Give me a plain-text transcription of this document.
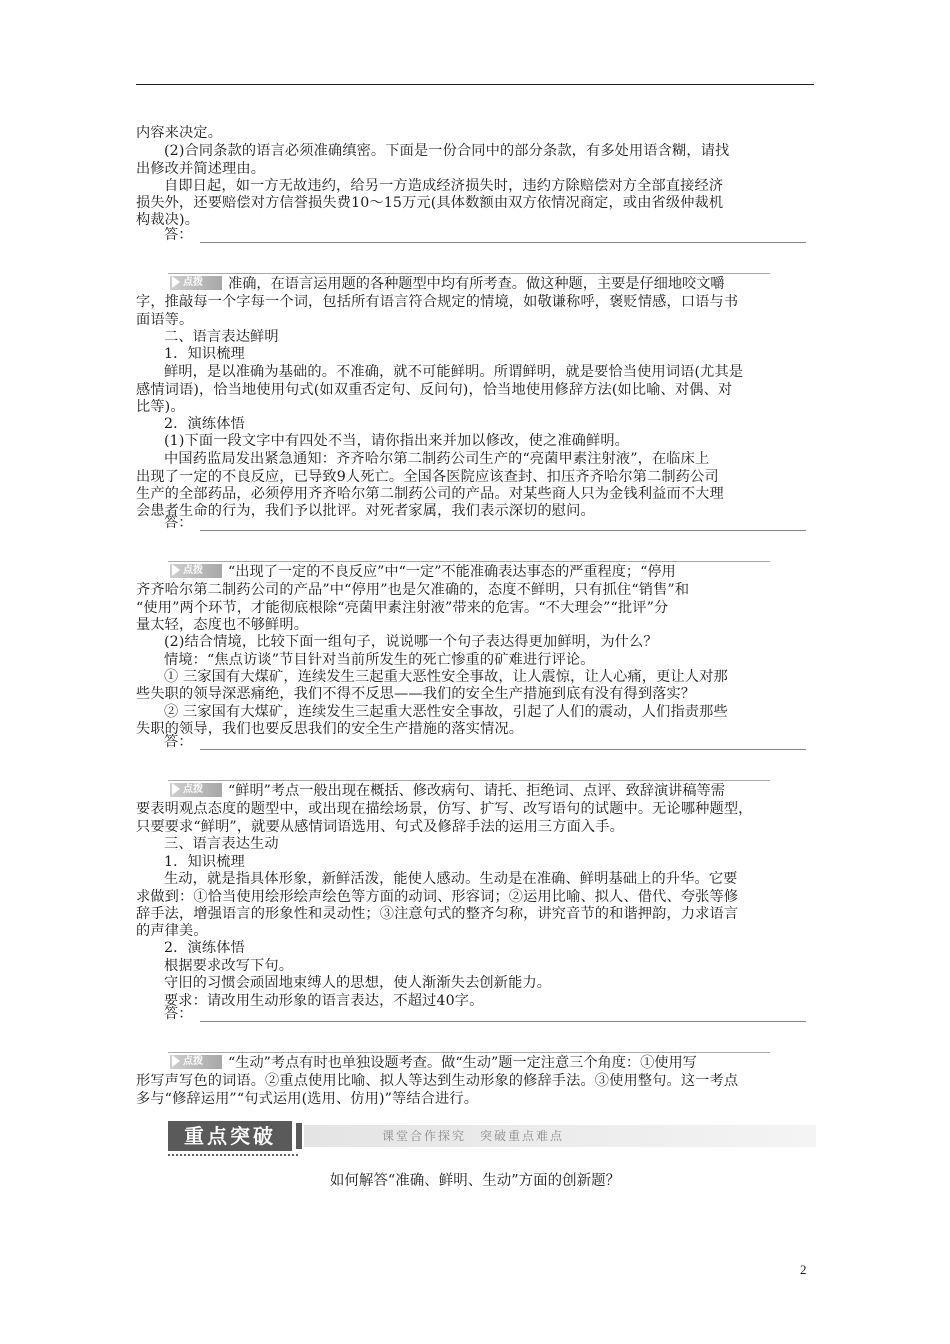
内容来决定。
(2)合同条款的语言必须准确缜密。下面是一份合同中的部分条款，有多处用语含糊，请找
出修改并简述理由。
自即日起，如一方无故违约，给另一方造成经济损失时，违约方除赔偿对方全部直接经济
损失外，还要赔偿对方信誉损失费10～15万元(具体数额由双方依情况商定，或由省级仲裁机
构裁决)。
答：
点拨	准确，在语言运用题的各种题型中均有所考查。做这种题，主要是仔细地咬文嚼
字，推敲每一个字每一个词，包括所有语言符合规定的情境，如敬谦称呼，褒贬情感，口语与书
面语等。
二、语言表达鲜明
1．知识梳理
鲜明，是以准确为基础的。不准确，就不可能鲜明。所谓鲜明，就是要恰当使用词语(尤其是
感情词语)，恰当地使用句式(如双重否定句、反问句)，恰当地使用修辞方法(如比喻、对偶、对
比等)。
2．演练体悟
(1)下面一段文字中有四处不当，请你指出来并加以修改，使之准确鲜明。
中国药监局发出紧急通知：齐齐哈尔第二制药公司生产的“亮菌甲素注射液”，在临床上
出现了一定的不良反应，已导致9人死亡。全国各医院应该查封、扣压齐齐哈尔第二制药公司
生产的全部药品，必须停用齐齐哈尔第二制药公司的产品。对某些商人只为金钱利益而不大理
会患者生命的行为，我们予以批评。对死者家属，我们表示深切的慰问。
答：
点拨	“出现了一定的不良反应”中“一定”不能准确表达事态的严重程度；“停用
齐齐哈尔第二制药公司的产品”中“停用”也是欠准确的，态度不鲜明，只有抓住“销售”和
“使用”两个环节，才能彻底根除“亮菌甲素注射液”带来的危害。“不大理会”“批评”分
量太轻，态度也不够鲜明。
(2)结合情境，比较下面一组句子，说说哪一个句子表达得更加鲜明，为什么？
情境：“焦点访谈”节目针对当前所发生的死亡惨重的矿难进行评论。
① 三家国有大煤矿，连续发生三起重大恶性安全事故，让人震惊，让人心痛，更让人对那
些失职的领导深恶痛绝，我们不得不反思——我们的安全生产措施到底有没有得到落实？
② 三家国有大煤矿，连续发生三起重大恶性安全事故，引起了人们的震动，人们指责那些
失职的领导，我们也要反思我们的安全生产措施的落实情况。
答：
点拨	“鲜明”考点一般出现在概括、修改病句、请托、拒绝词、点评、致辞演讲稿等需
要表明观点态度的题型中，或出现在描绘场景，仿写、扩写、改写语句的试题中。无论哪种题型，
只要要求“鲜明”，就要从感情词语选用、句式及修辞手法的运用三方面入手。
三、语言表达生动
1．知识梳理
生动，就是指具体形象，新鲜活泼，能使人感动。生动是在准确、鲜明基础上的升华。它要
求做到：①恰当使用绘形绘声绘色等方面的动词、形容词；②运用比喻、拟人、借代、夸张等修
辞手法，增强语言的形象性和灵动性；③注意句式的整齐匀称，讲究音节的和谐押韵，力求语言
的声律美。
2．演练体悟
根据要求改写下句。
守旧的习惯会顽固地束缚人的思想，使人渐渐失去创新能力。
要求：请改用生动形象的语言表达，不超过40字。
答：
点拨	“生动”考点有时也单独设题考查。做“生动”题一定注意三个角度：①使用写
形写声写色的词语。②重点使用比喻、拟人等达到生动形象的修辞手法。③使用整句。这一考点
多与“修辞运用”“句式运用(选用、仿用)”等结合进行。
重点突破	课堂合作探究　突破重点难点
如何解答“准确、鲜明、生动”方面的创新题？
2
